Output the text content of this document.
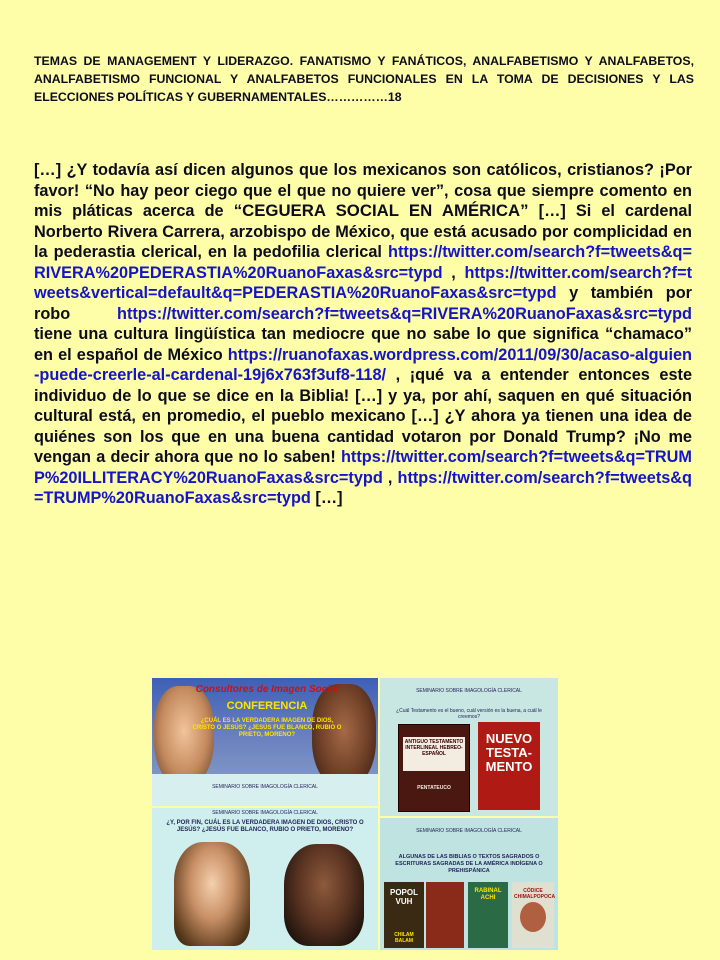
TEMAS DE MANAGEMENT Y LIDERAZGO. FANATISMO Y FANÁTICOS, ANALFABETISMO Y ANALFABETOS, ANALFABETISMO FUNCIONAL Y ANALFABETOS FUNCIONALES EN LA TOMA DE DECISIONES Y LAS ELECCIONES POLÍTICAS Y GUBERNAMENTALES……………18
[…] ¿Y todavía así dicen algunos que los mexicanos son católicos, cristianos? ¡Por favor! “No hay peor ciego que el que no quiere ver”, cosa que siempre comento en mis pláticas acerca de “CEGUERA SOCIAL EN AMÉRICA” […] Si el cardenal Norberto Rivera Carrera, arzobispo de México, que está acusado por complicidad en la pederastia clerical, en la pedofilia clerical https://twitter.com/search?f=tweets&q=RIVERA%20PEDERASTIA%20RuanoFaxas&src=typd , https://twitter.com/search?f=tweets&vertical=default&q=PEDERASTIA%20RuanoFaxas&src=typd y también por robo https://twitter.com/search?f=tweets&q=RIVERA%20RuanoFaxas&src=typd tiene una cultura lingüística tan mediocre que no sabe lo que significa “chamaco” en el español de México https://ruanofaxas.wordpress.com/2011/09/30/acaso-alguien-puede-creerle-al-cardenal-19j6x763f3uf8-118/ , ¡qué va a entender entonces este individuo de lo que se dice en la Biblia! […] y ya, por ahí, saquen en qué situación cultural está, en promedio, el pueblo mexicano […] ¿Y ahora ya tienen una idea de quiénes son los que en una buena cantidad votaron por Donald Trump? ¡No me vengan a decir ahora que no lo saben! https://twitter.com/search?f=tweets&q=TRUMP%20ILLITERACY%20RuanoFaxas&src=typd , https://twitter.com/search?f=tweets&q=TRUMP%20RuanoFaxas&src=typd […]
Consultores de Imagen Social
CONFERENCIA
¿CUÁL ES LA VERDADERA IMAGEN DE DIOS, CRISTO O JESÚS? ¿JESÚS FUE BLANCO, RUBIO O PRIETO, MORENO?
SEMINARIO SOBRE IMAGOLOGÍA CLERICAL
SEMINARIO SOBRE IMAGOLOGÍA CLERICAL
¿Cuál Testamento es el bueno, cuál versión es la buena, a cuál le creemos?
ANTIGUO TESTAMENTO INTERLINEAL HEBREO-ESPAÑOL
PENTATEUCO
NUEVO TESTA-MENTO
SEMINARIO SOBRE IMAGOLOGÍA CLERICAL
¿Y, POR FIN, CUÁL ES LA VERDADERA IMAGEN DE DIOS, CRISTO O JESÚS? ¿JESÚS FUE BLANCO, RUBIO O PRIETO, MORENO?	SEMINARIO SOBRE IMAGOLOGÍA CLERICAL
ALGUNAS DE LAS BIBLIAS O TEXTOS SAGRADOS O ESCRITURAS SAGRADAS DE LA AMÉRICA INDÍGENA O PREHISPÁNICA
POPOL VUH
CHILAM BALAM
RABINAL ACHI
CÓDICE CHIMALPOPOCA
